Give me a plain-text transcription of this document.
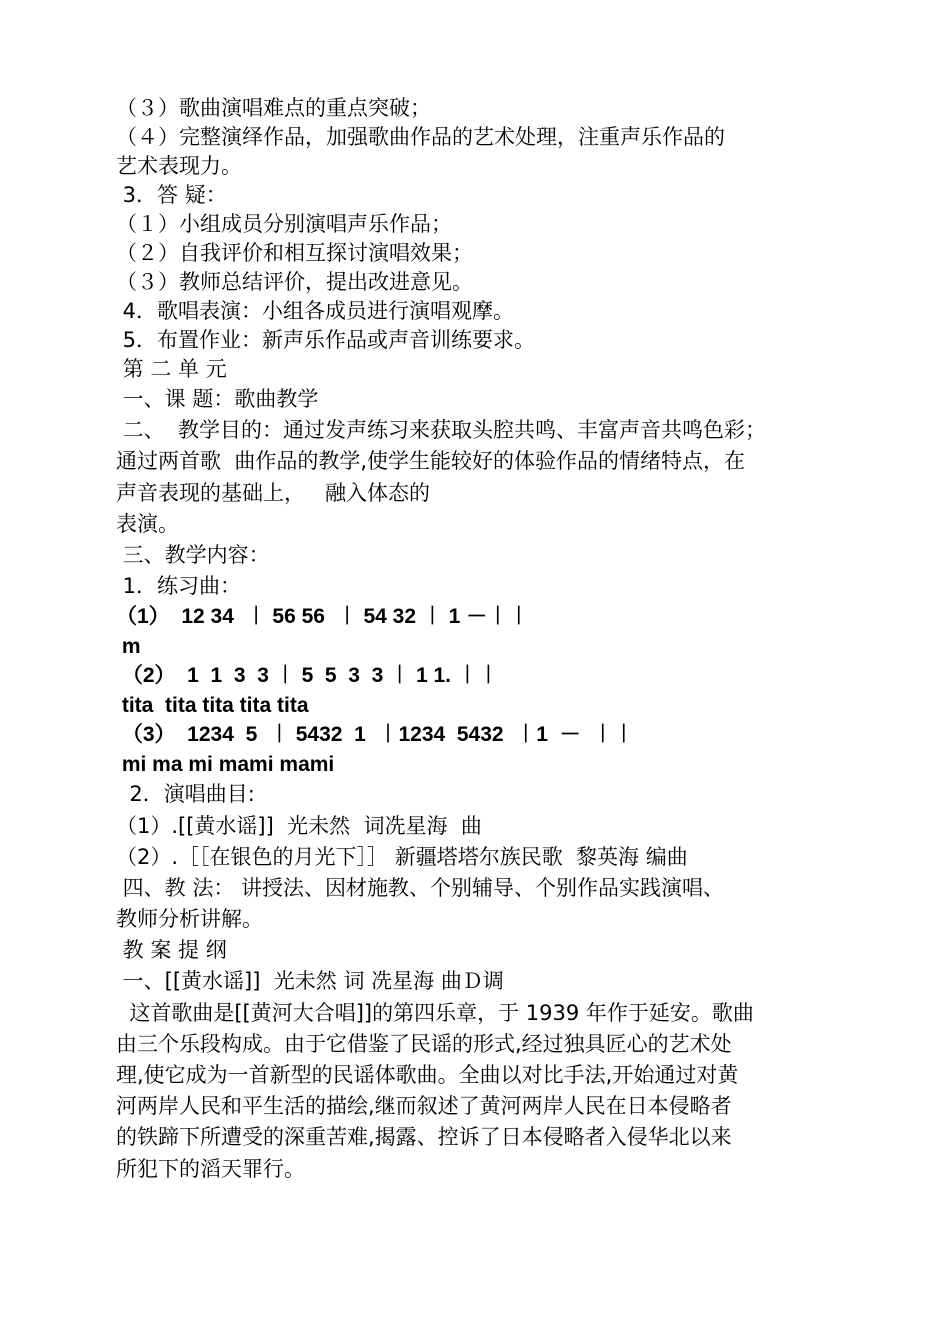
（３）歌曲演唱难点的重点突破；
（４）完整演绎作品，加强歌曲作品的艺术处理，注重声乐作品的
艺术表现力。
3．答 疑：
（１）小组成员分别演唱声乐作品；
（２）自我评价和相互探讨演唱效果；
（３）教师总结评价，提出改进意见。
4．歌唱表演：小组各成员进行演唱观摩。
5．布置作业：新声乐作品或声音训练要求。
第 二 单 元
一、课 题：歌曲教学
二、  教学目的：通过发声练习来获取头腔共鸣、丰富声音共鸣色彩；
通过两首歌  曲作品的教学,使学生能较好的体验作品的情绪特点，在
声音表现的基础上，   融入体态的
表演。
三、教学内容：
1．练习曲：
（1）  12 34  ︱ 56 56  ︱ 54 32 ︱ 1 －︱︱
m
（2）  1  1  3  3 ︱ 5  5  3  3 ︱ 1 1. ︱︱
tita  tita tita tita tita
（3）  1234  5  ︱ 5432  1  ︱1234  5432  ︱1  －  ︱︱
mi ma mi mami mami
2．演唱曲目:
（1）.[[黄水谣]]  光未然  词冼星海  曲
（2）.［［在银色的月光下］］ 新疆塔塔尔族民歌  黎英海 编曲
四、教 法： 讲授法、因材施教、个别辅导、个别作品实践演唱、
教师分析讲解。
教 案 提 纲
一、[[黄水谣]]  光未然 词 冼星海 曲Ｄ调
这首歌曲是[[黄河大合唱]]的第四乐章，于 1939 年作于延安。歌曲
由三个乐段构成。由于它借鉴了民谣的形式,经过独具匠心的艺术处
理,使它成为一首新型的民谣体歌曲。全曲以对比手法,开始通过对黄
河两岸人民和平生活的描绘,继而叙述了黄河两岸人民在日本侵略者
的铁蹄下所遭受的深重苦难,揭露、控诉了日本侵略者入侵华北以来
所犯下的滔天罪行。
